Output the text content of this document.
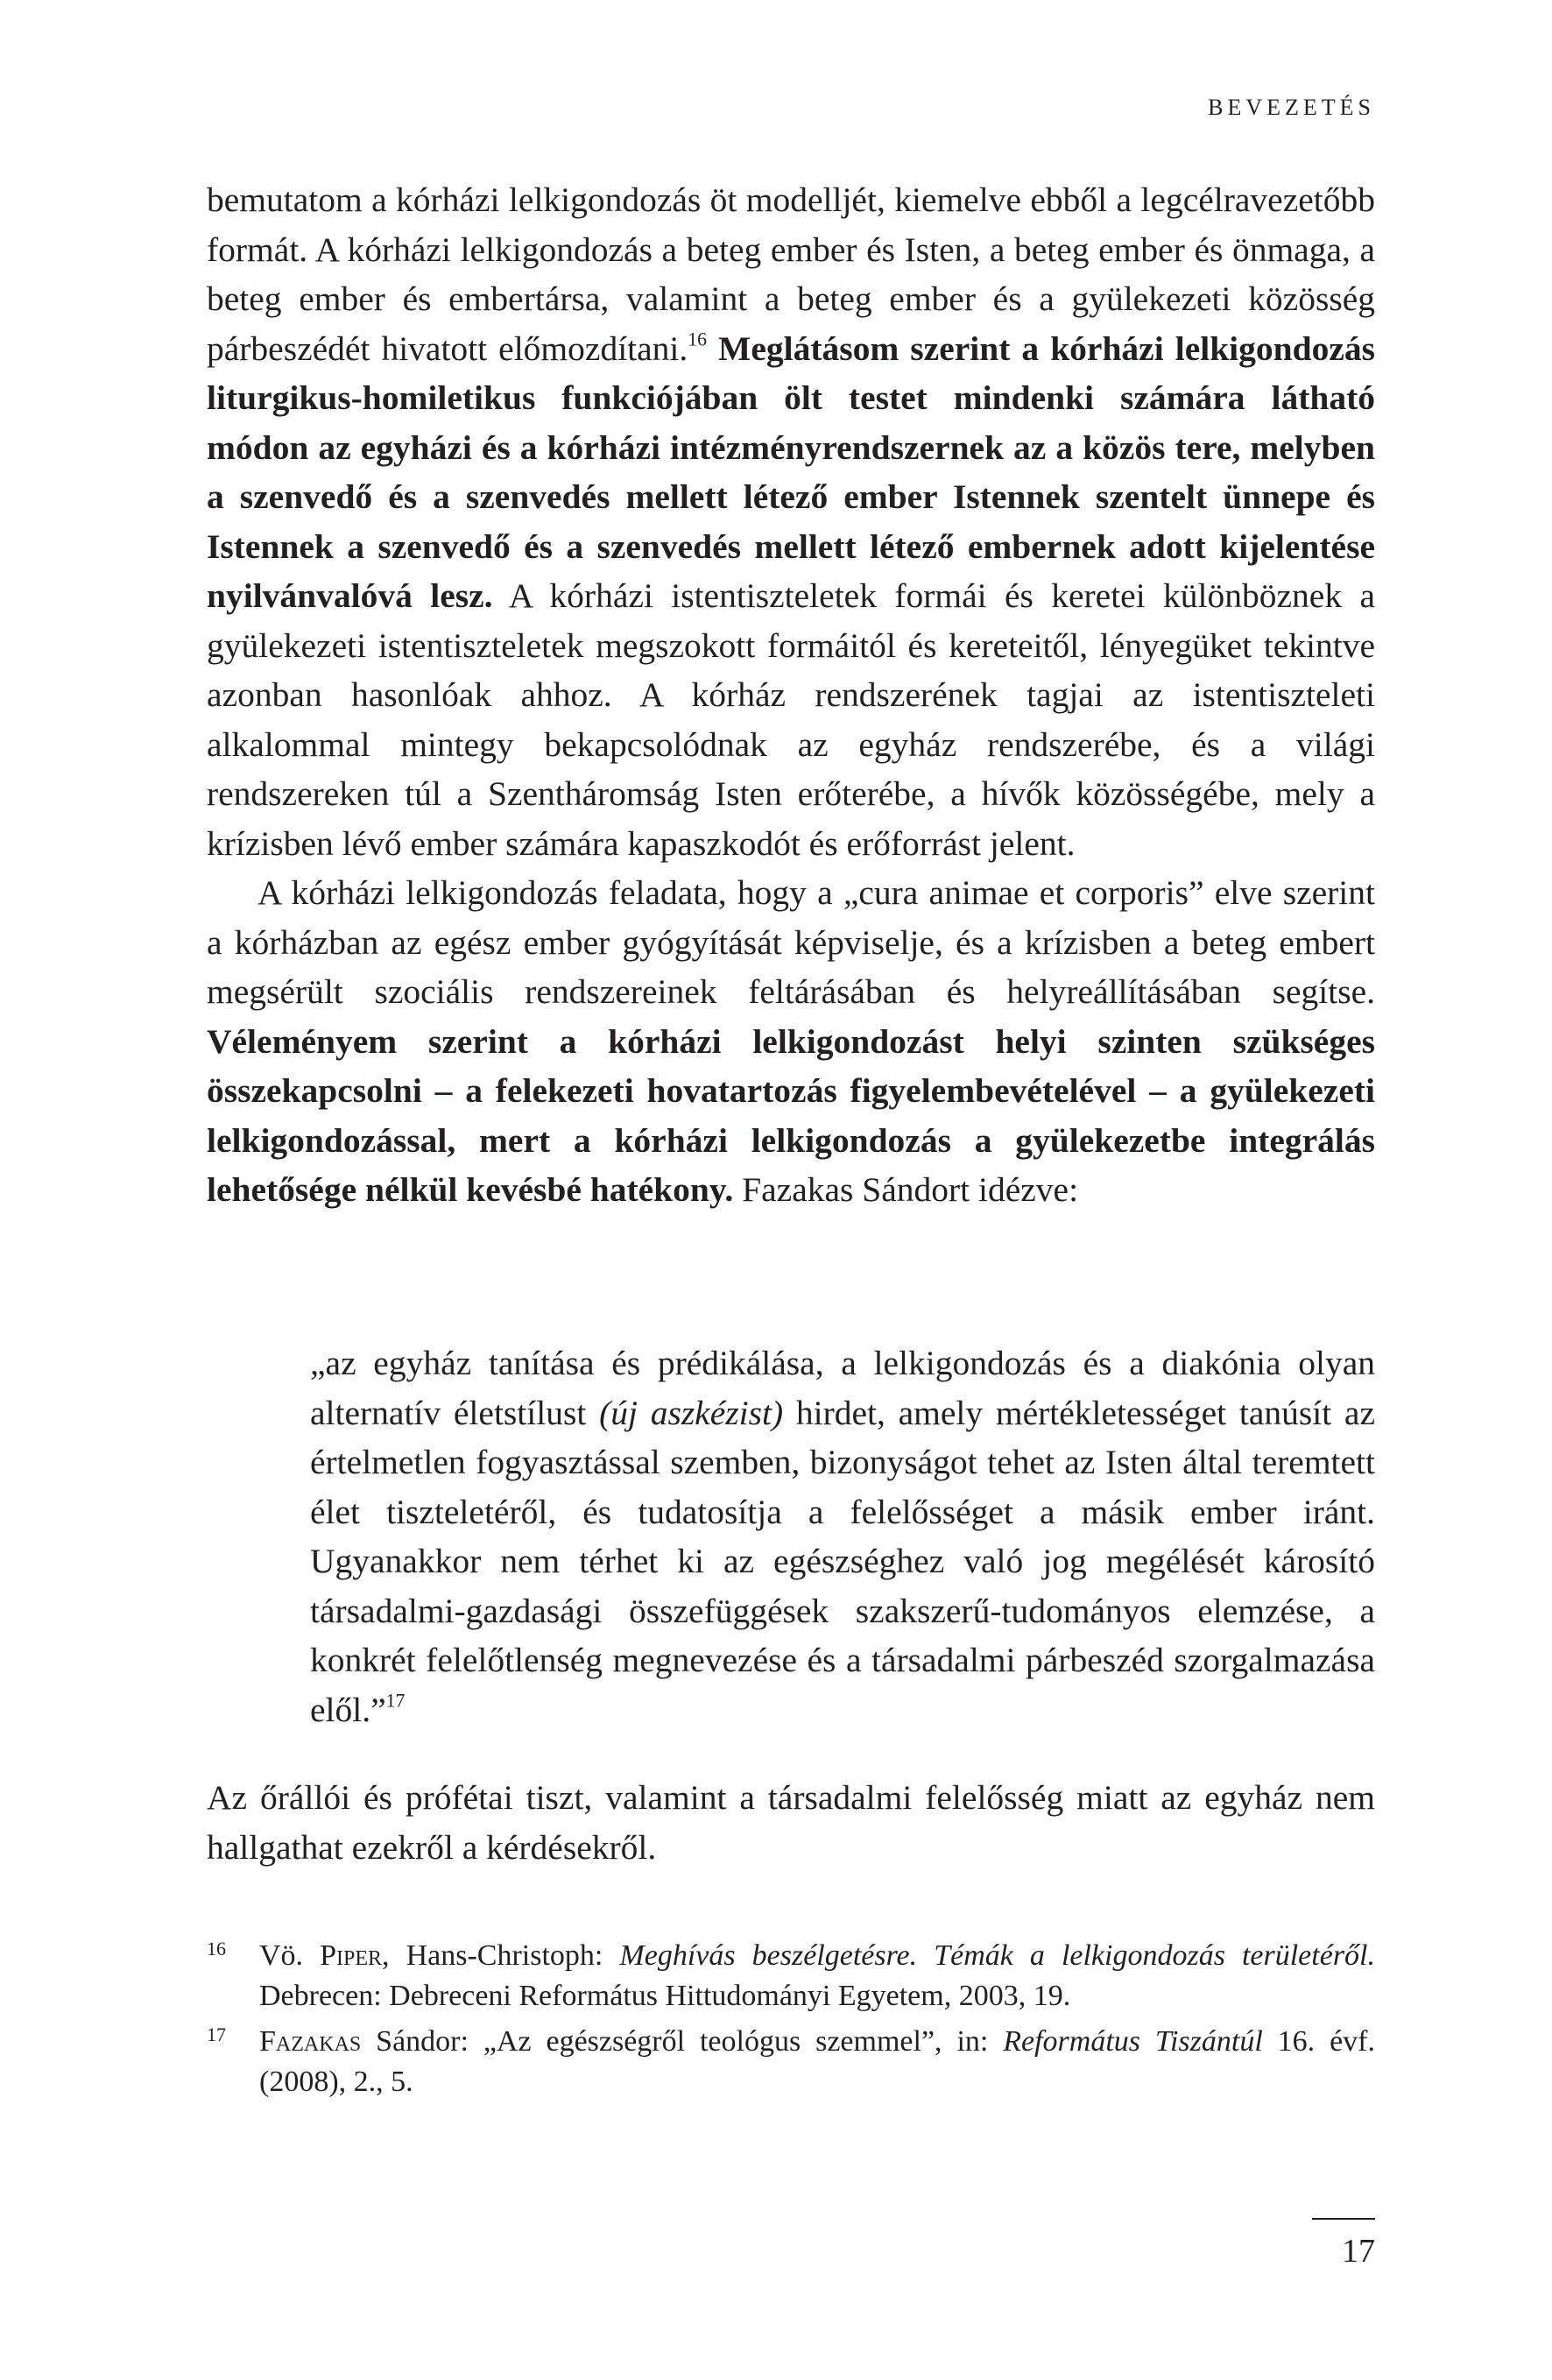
BEVEZETÉS

bemutatom a kórházi lelkigondozás öt modelljét, kiemelve ebből a legcélravezetőbb formát. A kórházi lelkigondozás a beteg ember és Isten, a beteg ember és önmaga, a beteg ember és embertársa, valamint a beteg ember és a gyülekezeti közösség párbeszédét hivatott előmozdítani.$^{16}$ Meglátásom szerint a kórházi lelkigondozás liturgikus-homiletikus funkciójában ölt testet mindenki számára látható módon az egyházi és a kórházi intézményrendszernek az a közös tere, melyben a szenvedő és a szenvedés mellett létező ember Istennek szentelt ünnepe és Istennek a szenvedő és a szenvedés mellett létező embernek adott kijelentése nyilvánvalóvá lesz. A kórházi istentiszteletek formái és keretei különböznek a gyülekezeti istentiszteletek megszokott formáitól és kereteitől, lényegüket tekintve azonban hasonlóak ahhoz. A kórház rendszerének tagjai az istentiszteleti alkalommal mintegy bekapcsolódnak az egyház rendszerébe, és a világi rendszereken túl a Szentháromság Isten erőterébe, a hívők közösségébe, mely a krízisben lévő ember számára kapaszkodót és erőforrást jelent.

A kórházi lelkigondozás feladata, hogy a „cura animae et corporis” elve szerint a kórházban az egész ember gyógyítását képviselje, és a krízisben a beteg embert megsérült szociális rendszereinek feltárásában és helyreállításában segítse. Véleményem szerint a kórházi lelkigondozást helyi szinten szükséges összekapcsolni – a felekezeti hovatartozás figyelembevételével – a gyülekezeti lelkigondozással, mert a kórházi lelkigondozás a gyülekezetbe integrálás lehetősége nélkül kevésbé hatékony. Fazakas Sándort idézve:

„az egyház tanítása és prédikálása, a lelkigondozás és a diakónia olyan alternatív életstílust (új aszkézist) hirdet, amely mértékletességet tanúsít az értelmetlen fogyasztással szemben, bizonyságot tehet az Isten által teremtett élet tiszteletéről, és tudatosítja a felelősséget a másik ember iránt. Ugyanakkor nem térhet ki az egészséghez való jog megélését károsító társadalmi-gazdasági összefüggések szakszerű-tudományos elemzése, a konkrét felelőtlenség megnevezése és a társadalmi párbeszéd szorgalmazása elől.”$^{17}$

Az őrállói és prófétai tiszt, valamint a társadalmi felelősség miatt az egyház nem hallgathat ezekről a kérdésekről.

16 Vö. Piper, Hans-Christoph: Meghívás beszélgetésre. Témák a lelkigondozás területéről. Debrecen: Debreceni Református Hittudományi Egyetem, 2003, 19.
17 Fazakas Sándor: „Az egészségről teológus szemmel”, in: Református Tiszántúl 16. évf. (2008), 2., 5.
17
